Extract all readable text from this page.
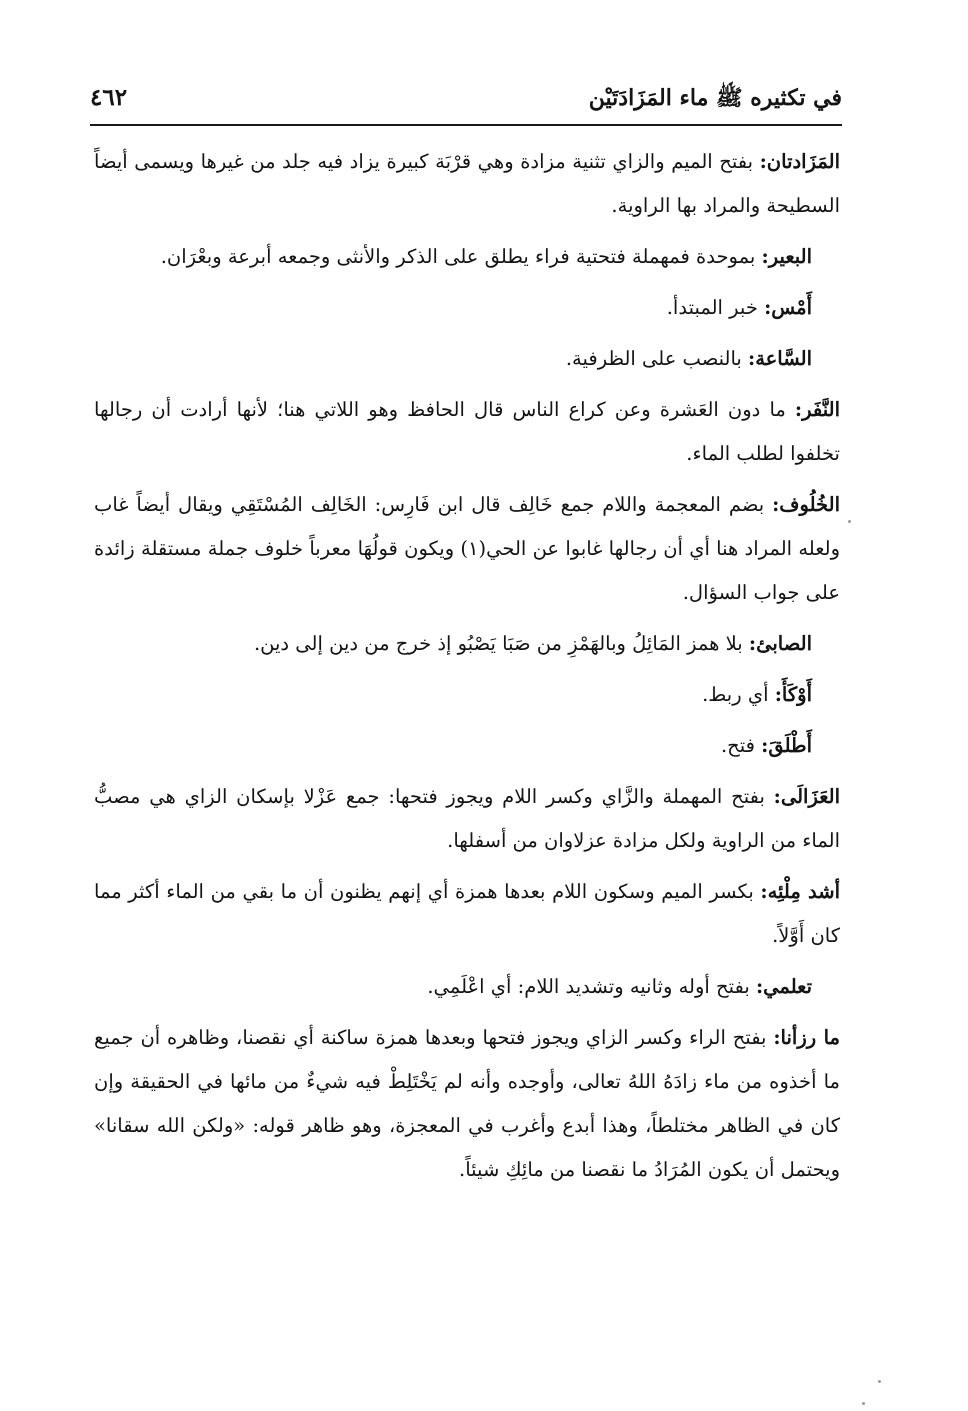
في تكثيره ﷺ ماء المَزَادَتَيْن
٤٦٢

المَزَادتان: بفتح الميم والزاي تثنية مزادة وهي قرْبَة كبيرة يزاد فيه جلد من غيرها ويسمى أيضاً السطيحة والمراد بها الراوية.

البعير: بموحدة فمهملة فتحتية فراء يطلق على الذكر والأنثى وجمعه أبرعة وبعْرَان.

أَمْس: خبر المبتدأ.

السَّاعة: بالنصب على الظرفية.

النَّفَر: ما دون العَشرة وعن كراع الناس قال الحافظ وهو اللاتي هنا؛ لأنها أرادت أن رجالها تخلفوا لطلب الماء.

الخُلُوف: بضم المعجمة واللام جمع خَالِف قال ابن فَارِس: الخَالِف المُسْتَقِي ويقال أيضاً غاب ولعله المراد هنا أي أن رجالها غابوا عن الحي(١) ويكون قولُهَا معرباً خلوف جملة مستقلة زائدة على جواب السؤال.

الصابئ: بلا همز المَائِلُ وبالهَمْزِ من صَبَا يَصْبُو إذ خرج من دين إلى دين.

أَوْكَأَ: أي ربط.

أَطْلَقَ: فتح.

العَزَالَى: بفتح المهملة والزَّاي وكسر اللام ويجوز فتحها: جمع عَزْلا بإسكان الزاي هي مصبُّ الماء من الراوية ولكل مزادة عزلاوان من أسفلها.

أشد مِلْئِه: بكسر الميم وسكون اللام بعدها همزة أي إنهم يظنون أن ما بقي من الماء أكثر مما كان أَوَّلاً.

تعلمي: بفتح أوله وثانيه وتشديد اللام: أي اعْلَمِي.

ما رزأنا: بفتح الراء وكسر الزاي ويجوز فتحها وبعدها همزة ساكنة أي نقصنا، وظاهره أن جميع ما أخذوه من ماء زادَهُ اللهُ تعالى، وأوجده وأنه لم يَخْتَلِطْ فيه شيءٌ من مائها في الحقيقة وإن كان في الظاهر مختلطاً، وهذا أبدع وأغرب في المعجزة، وهو ظاهر قوله: «ولكن الله سقانا» ويحتمل أن يكون المُرَادُ ما نقصنا من مائِكِ شيئاً.
